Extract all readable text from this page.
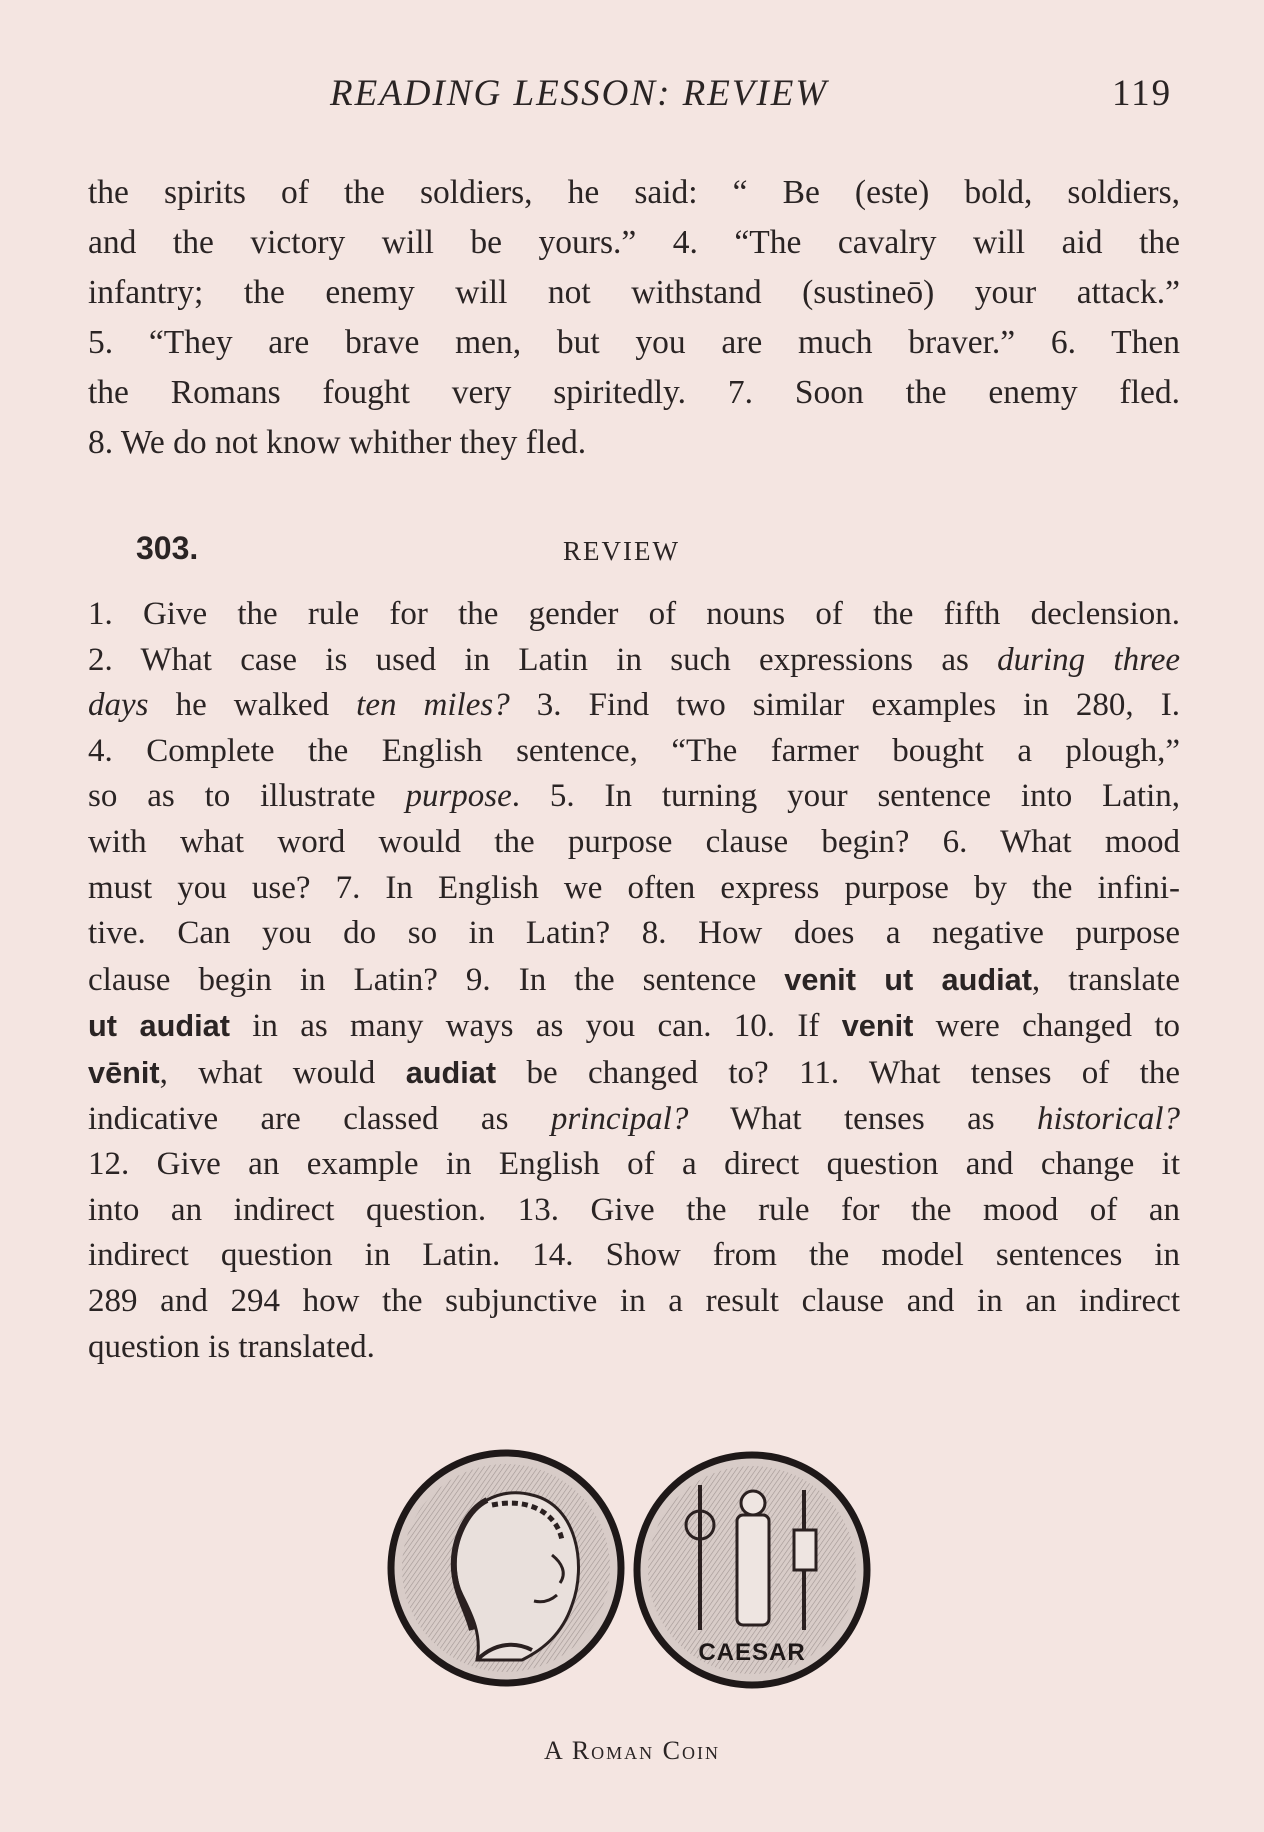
READING LESSON: REVIEW	119

the spirits of the soldiers, he said: “ Be (este) bold, soldiers,
and the victory will be yours.” 4. “The cavalry will aid the
infantry; the enemy will not withstand (sustineō) your attack.”
5. “They are brave men, but you are much braver.” 6. Then
the Romans fought very spiritedly. 7. Soon the enemy fled.
8. We do not know whither they fled.

303.	REVIEW

1. Give the rule for the gender of nouns of the fifth declension.
2. What case is used in Latin in such expressions as during three
days he walked ten miles? 3. Find two similar examples in 280, I.
4. Complete the English sentence, “The farmer bought a plough,”
so as to illustrate purpose. 5. In turning your sentence into Latin,
with what word would the purpose clause begin? 6. What mood
must you use? 7. In English we often express purpose by the infini-
tive. Can you do so in Latin? 8. How does a negative purpose
clause begin in Latin? 9. In the sentence venit ut audiat, translate
ut audiat in as many ways as you can. 10. If venit were changed to
vēnit, what would audiat be changed to? 11. What tenses of the
indicative are classed as principal? What tenses as historical?
12. Give an example in English of a direct question and change it
into an indirect question. 13. Give the rule for the mood of an
indirect question in Latin. 14. Show from the model sentences in
289 and 294 how the subjunctive in a result clause and in an indirect
question is translated.

CAESAR
A Roman Coin
